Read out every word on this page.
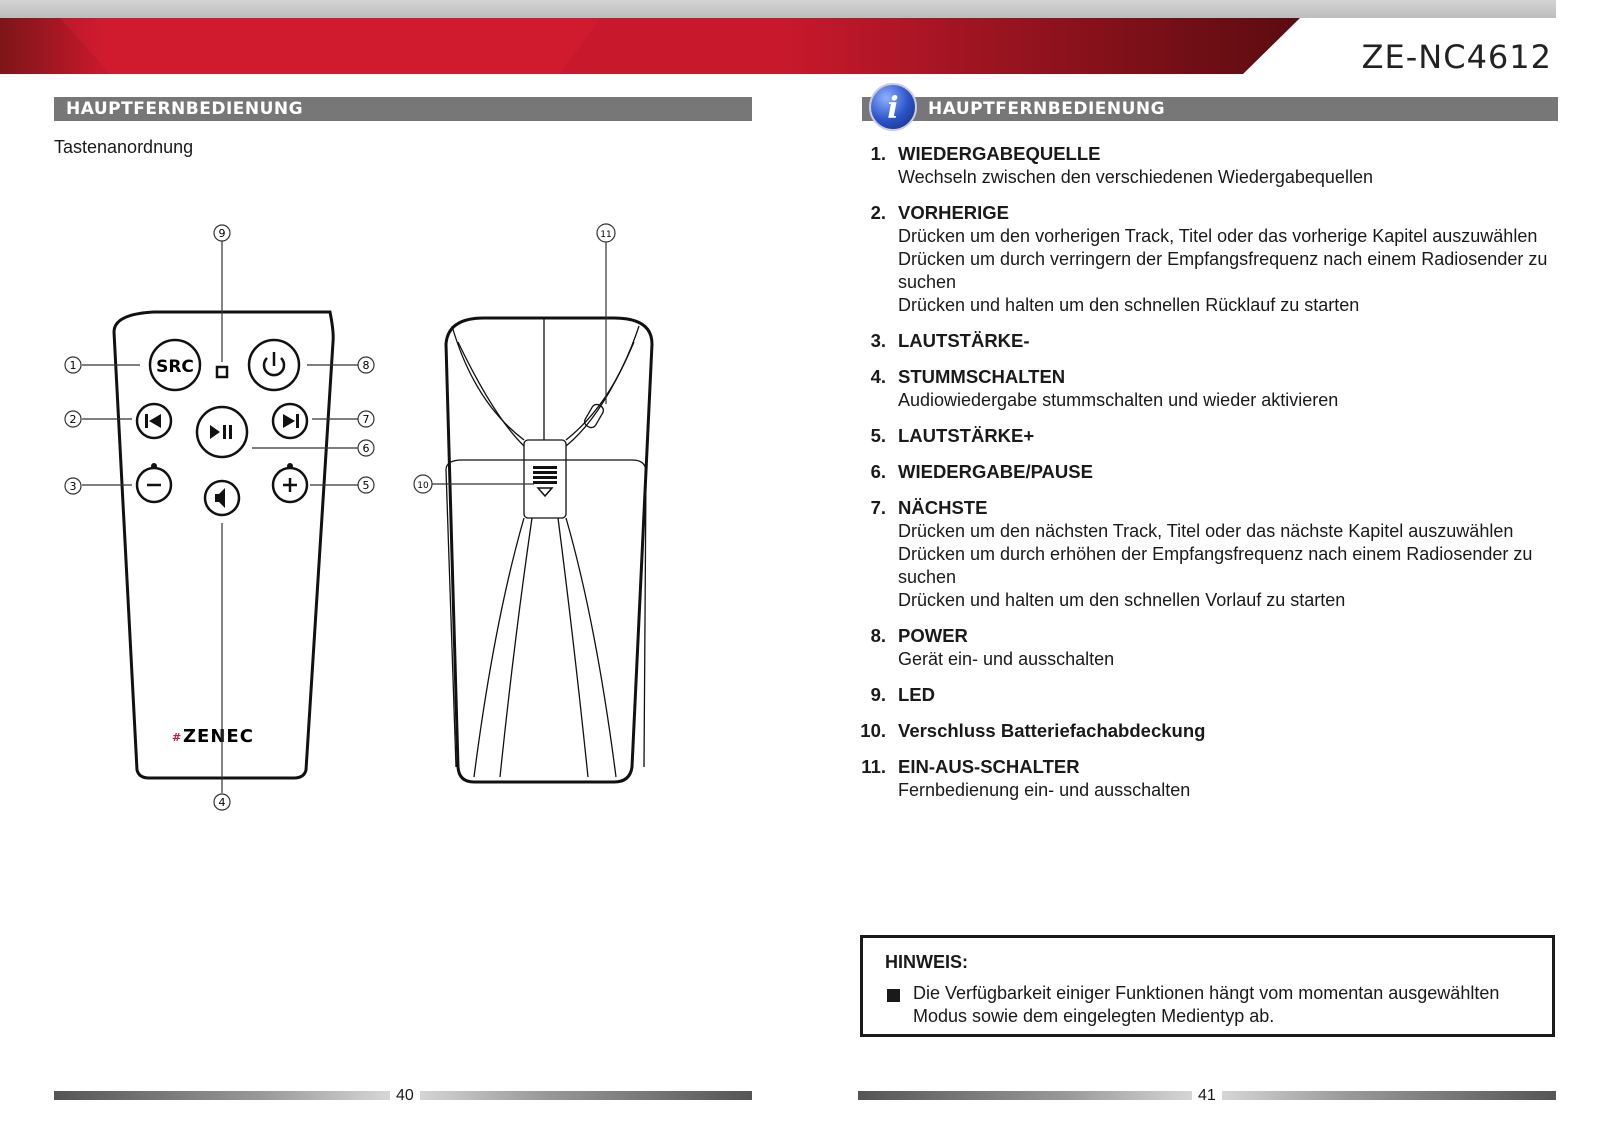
ZE-NC4612
HAUPTFERNBEDIENUNG	HAUPTFERNBEDIENUNG
i
Tastenanordnung
SRC
# ZENEC
1
2
3
4
5
6
7
8
9
10
11
1. WIEDERGABEQUELLE
Wechseln zwischen den verschiedenen Wiedergabequellen
2. VORHERIGE
Drücken um den vorherigen Track, Titel oder das vorherige Kapitel auszuwählen
Drücken um durch verringern der Empfangsfrequenz nach einem Radiosender zu suchen
Drücken und halten um den schnellen Rücklauf zu starten
3. LAUTSTÄRKE-
4. STUMMSCHALTEN
Audiowiedergabe stummschalten und wieder aktivieren
5. LAUTSTÄRKE+
6. WIEDERGABE/PAUSE
7. NÄCHSTE
Drücken um den nächsten Track, Titel oder das nächste Kapitel auszuwählen
Drücken um durch erhöhen der Empfangsfrequenz nach einem Radiosender zu suchen
Drücken und halten um den schnellen Vorlauf zu starten
8. POWER
Gerät ein- und ausschalten
9. LED
10. Verschluss Batteriefachabdeckung
11. EIN-AUS-SCHALTER
Fernbedienung ein- und ausschalten
HINWEIS:
Die Verfügbarkeit einiger Funktionen hängt vom momentan ausgewählten Modus sowie dem eingelegten Medientyp ab.
40	41
